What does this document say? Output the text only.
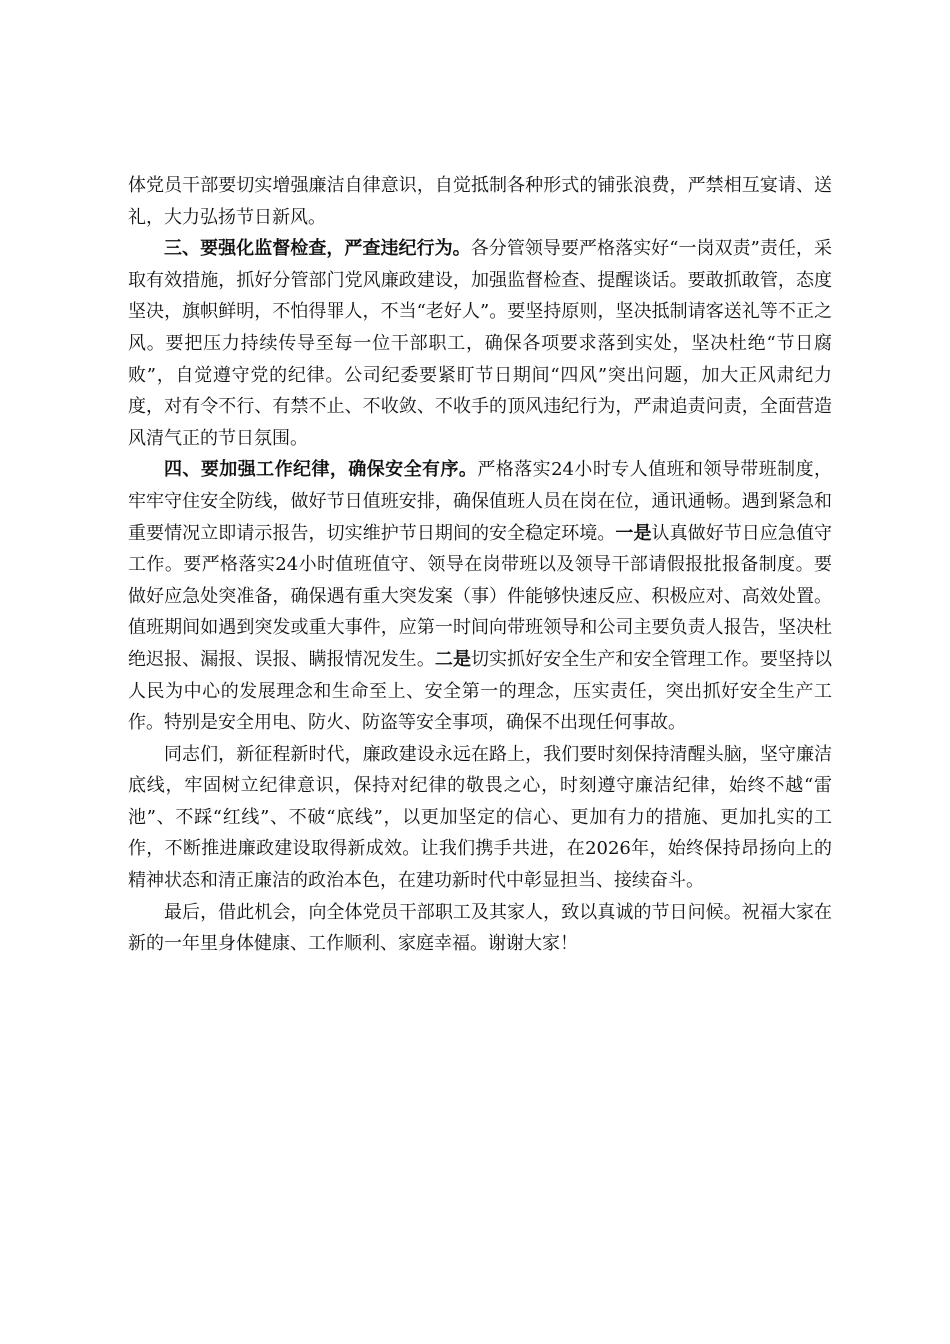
体党员干部要切实增强廉洁自律意识，自觉抵制各种形式的铺张浪费，严禁相互宴请、送礼，大力弘扬节日新风。

三、要强化监督检查，严查违纪行为。各分管领导要严格落实好“一岗双责”责任，采取有效措施，抓好分管部门党风廉政建设，加强监督检查、提醒谈话。要敢抓敢管，态度坚决，旗帜鲜明，不怕得罪人，不当“老好人”。要坚持原则，坚决抵制请客送礼等不正之风。要把压力持续传导至每一位干部职工，确保各项要求落到实处，坚决杜绝“节日腐败”，自觉遵守党的纪律。公司纪委要紧盯节日期间“四风”突出问题，加大正风肃纪力度，对有令不行、有禁不止、不收敛、不收手的顶风违纪行为，严肃追责问责，全面营造风清气正的节日氛围。

四、要加强工作纪律，确保安全有序。严格落实24小时专人值班和领导带班制度，牢牢守住安全防线，做好节日值班安排，确保值班人员在岗在位，通讯通畅。遇到紧急和重要情况立即请示报告，切实维护节日期间的安全稳定环境。一是认真做好节日应急值守工作。要严格落实24小时值班值守、领导在岗带班以及领导干部请假报批报备制度。要做好应急处突准备，确保遇有重大突发案（事）件能够快速反应、积极应对、高效处置。值班期间如遇到突发或重大事件，应第一时间向带班领导和公司主要负责人报告，坚决杜绝迟报、漏报、误报、瞒报情况发生。二是切实抓好安全生产和安全管理工作。要坚持以人民为中心的发展理念和生命至上、安全第一的理念，压实责任，突出抓好安全生产工作。特别是安全用电、防火、防盗等安全事项，确保不出现任何事故。

同志们，新征程新时代，廉政建设永远在路上，我们要时刻保持清醒头脑，坚守廉洁底线，牢固树立纪律意识，保持对纪律的敬畏之心，时刻遵守廉洁纪律，始终不越“雷池”、不踩“红线”、不破“底线”，以更加坚定的信心、更加有力的措施、更加扎实的工作，不断推进廉政建设取得新成效。让我们携手共进，在2026年，始终保持昂扬向上的精神状态和清正廉洁的政治本色，在建功新时代中彰显担当、接续奋斗。

最后，借此机会，向全体党员干部职工及其家人，致以真诚的节日问候。祝福大家在新的一年里身体健康、工作顺利、家庭幸福。谢谢大家！
